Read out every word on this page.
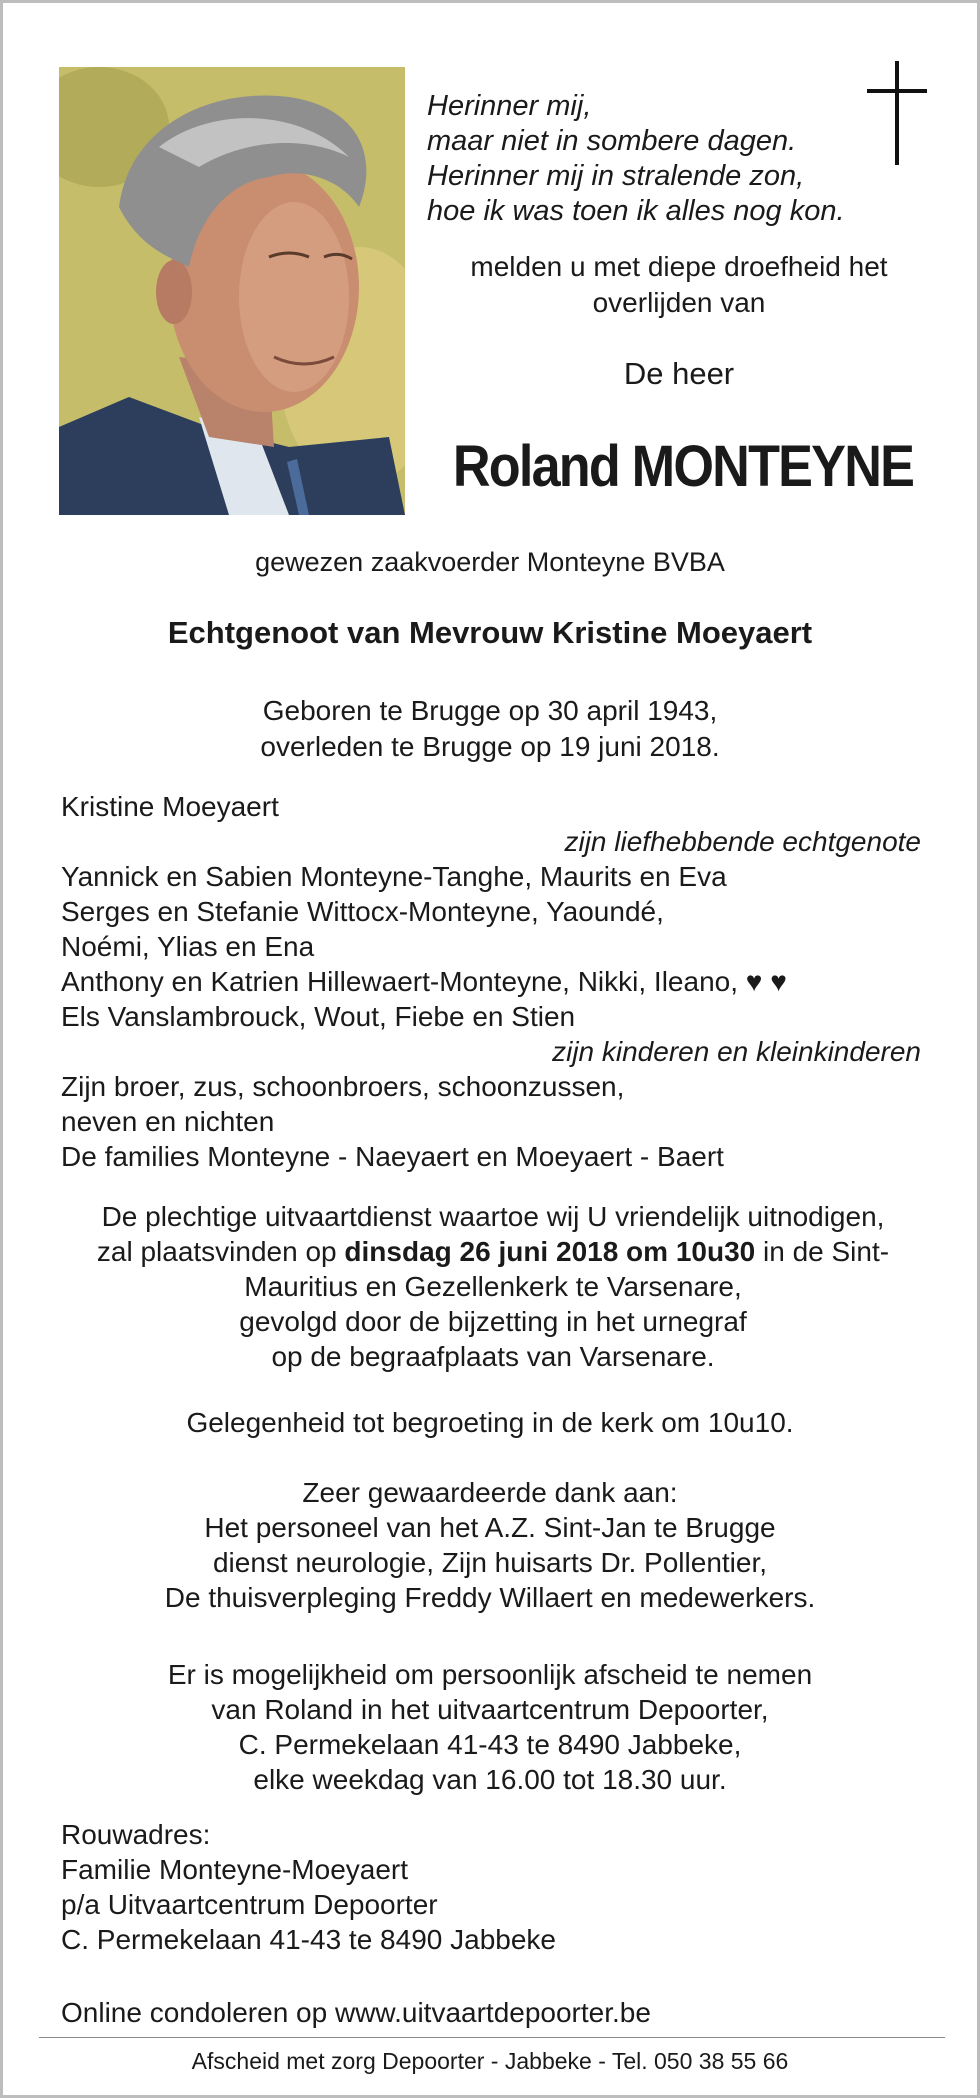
Herinner mij,
maar niet in sombere dagen.
Herinner mij in stralende zon,
hoe ik was toen ik alles nog kon.
melden u met diepe droefheid het
overlijden van
De heer
Roland MONTEYNE
gewezen zaakvoerder Monteyne BVBA
Echtgenoot van Mevrouw Kristine Moeyaert
Geboren te Brugge op 30 april 1943,
overleden te Brugge op 19 juni 2018.
Kristine Moeyaert
zijn liefhebbende echtgenote
Yannick en Sabien Monteyne-Tanghe, Maurits en Eva
Serges en Stefanie Wittocx-Monteyne, Yaoundé,
Noémi, Ylias en Ena
Anthony en Katrien Hillewaert-Monteyne, Nikki, Ileano, ♥ ♥
Els Vanslambrouck, Wout, Fiebe en Stien
zijn kinderen en kleinkinderen
Zijn broer, zus, schoonbroers, schoonzussen,
neven en nichten
De families Monteyne - Naeyaert en Moeyaert - Baert
De plechtige uitvaartdienst waartoe wij U vriendelijk uitnodigen, zal plaatsvinden op dinsdag 26 juni 2018 om 10u30 in de Sint-Mauritius en Gezellenkerk te Varsenare,
gevolgd door de bijzetting in het urnegraf
op de begraafplaats van Varsenare.
Gelegenheid tot begroeting in de kerk om 10u10.
Zeer gewaardeerde dank aan:
Het personeel van het A.Z. Sint-Jan te Brugge
dienst neurologie, Zijn huisarts Dr. Pollentier,
De thuisverpleging Freddy Willaert en medewerkers.
Er is mogelijkheid om persoonlijk afscheid te nemen
van Roland in het uitvaartcentrum Depoorter,
C. Permekelaan 41-43 te 8490 Jabbeke,
elke weekdag van 16.00 tot 18.30 uur.
Rouwadres:
Familie Monteyne-Moeyaert
p/a Uitvaartcentrum Depoorter
C. Permekelaan 41-43 te 8490 Jabbeke
Online condoleren op www.uitvaartdepoorter.be
Afscheid met zorg Depoorter - Jabbeke - Tel. 050 38 55 66
